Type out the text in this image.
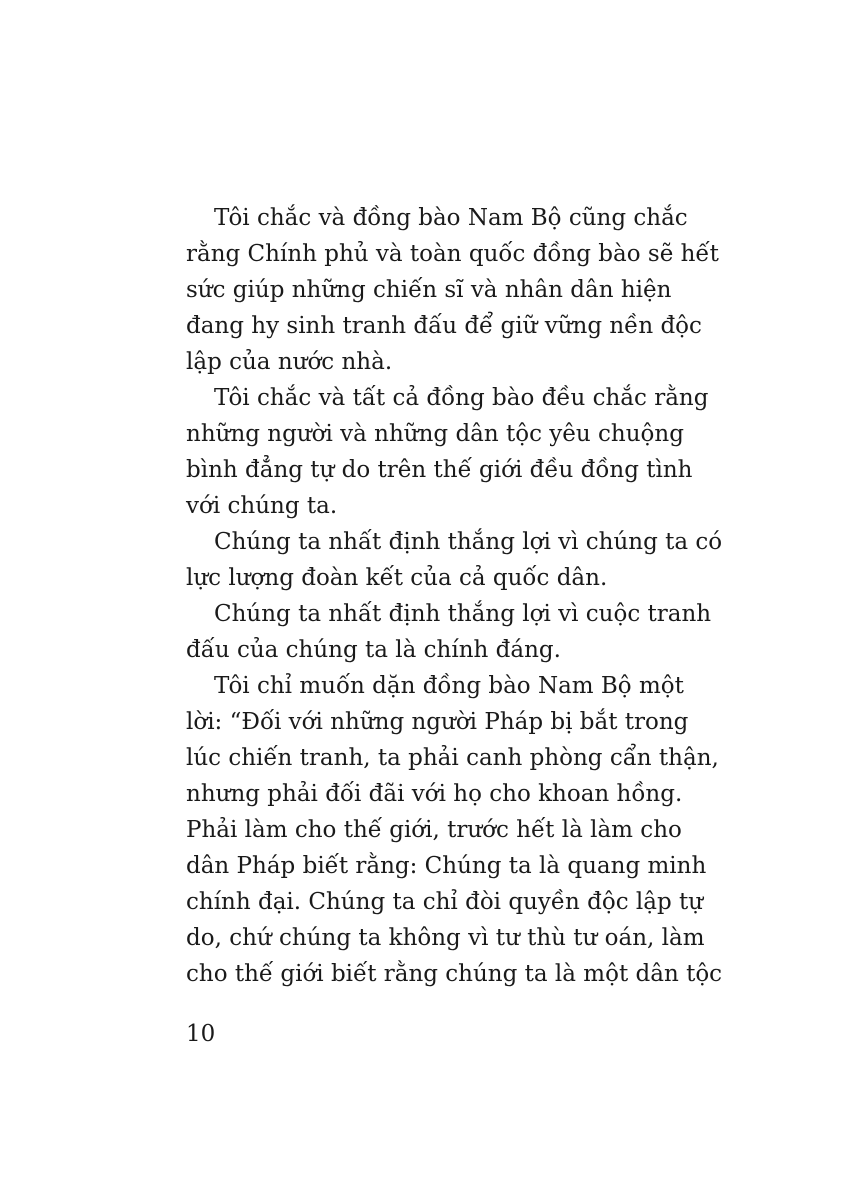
Tôi chắc và đồng bào Nam Bộ cũng chắc
rằng Chính phủ và toàn quốc đồng bào sẽ hết
sức giúp những chiến sĩ và nhân dân hiện
đang hy sinh tranh đấu để giữ vững nền độc
lập của nước nhà.
Tôi chắc và tất cả đồng bào đều chắc rằng
những người và những dân tộc yêu chuộng
bình đẳng tự do trên thế giới đều đồng tình
với chúng ta.
Chúng ta nhất định thắng lợi vì chúng ta có
lực lượng đoàn kết của cả quốc dân.
Chúng ta nhất định thắng lợi vì cuộc tranh
đấu của chúng ta là chính đáng.
Tôi chỉ muốn dặn đồng bào Nam Bộ một
lời: “Đối với những người Pháp bị bắt trong
lúc chiến tranh, ta phải canh phòng cẩn thận,
nhưng phải đối đãi với họ cho khoan hồng.
Phải làm cho thế giới, trước hết là làm cho
dân Pháp biết rằng: Chúng ta là quang minh
chính đại. Chúng ta chỉ đòi quyền độc lập tự
do, chứ chúng ta không vì tư thù tư oán, làm
cho thế giới biết rằng chúng ta là một dân tộc
10
